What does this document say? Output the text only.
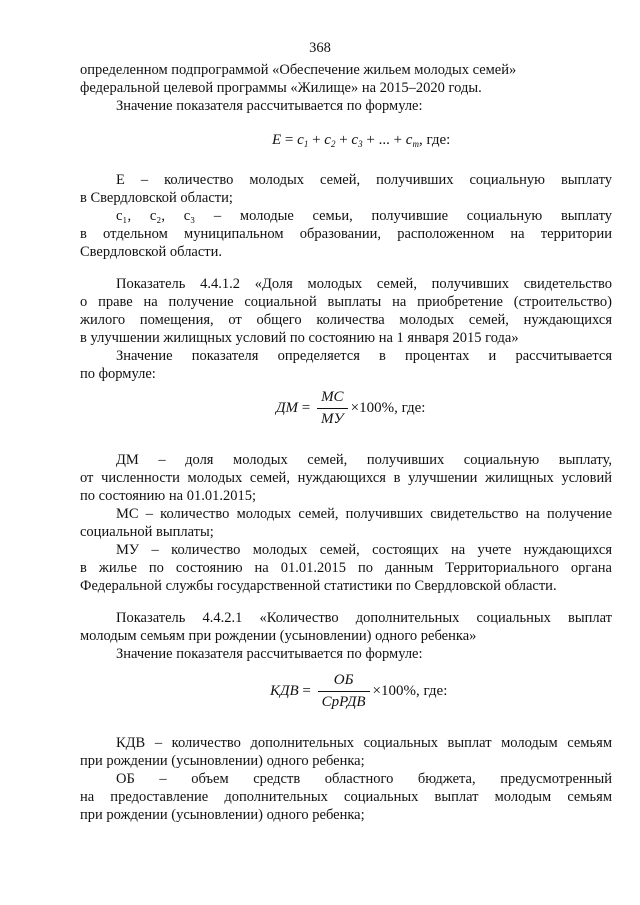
368
определенном подпрограммой «Обеспечение жильем молодых семей»
федеральной целевой программы «Жилище» на 2015–2020 годы.
Значение показателя рассчитывается по формуле:
$E = c_1 + c_2 + c_3$ + ... + $c_m$, где:
Е – количество молодых семей, получивших социальную выплату
в Свердловской области;
с₁, с₂, с₃ – молодые семьи, получившие социальную выплату
в отдельном муниципальном образовании, расположенном на территории
Свердловской области.
Показатель 4.4.1.2 «Доля молодых семей, получивших свидетельство
о праве на получение социальной выплаты на приобретение (строительство)
жилого помещения, от общего количества молодых семей, нуждающихся
в улучшении жилищных условий по состоянию на 1 января 2015 года»
Значение показателя определяется в процентах и рассчитывается
по формуле:
ДМ = $\frac{МС}{МУ} \times 100\%$, где:
ДМ – доля молодых семей, получивших социальную выплату,
от численности молодых семей, нуждающихся в улучшении жилищных условий
по состоянию на 01.01.2015;
МС – количество молодых семей, получивших свидетельство на получение
социальной выплаты;
МУ – количество молодых семей, состоящих на учете нуждающихся
в жилье по состоянию на 01.01.2015 по данным Территориального органа
Федеральной службы государственной статистики по Свердловской области.
Показатель 4.4.2.1 «Количество дополнительных социальных выплат
молодым семьям при рождении (усыновлении) одного ребенка»
Значение показателя рассчитывается по формуле:
КДВ = $\frac{ОБ}{\text{СрРДВ}} \times 100\%$, где:
КДВ – количество дополнительных социальных выплат молодым семьям
при рождении (усыновлении) одного ребенка;
ОБ – объем средств областного бюджета, предусмотренный
на предоставление дополнительных социальных выплат молодым семьям
при рождении (усыновлении) одного ребенка;
